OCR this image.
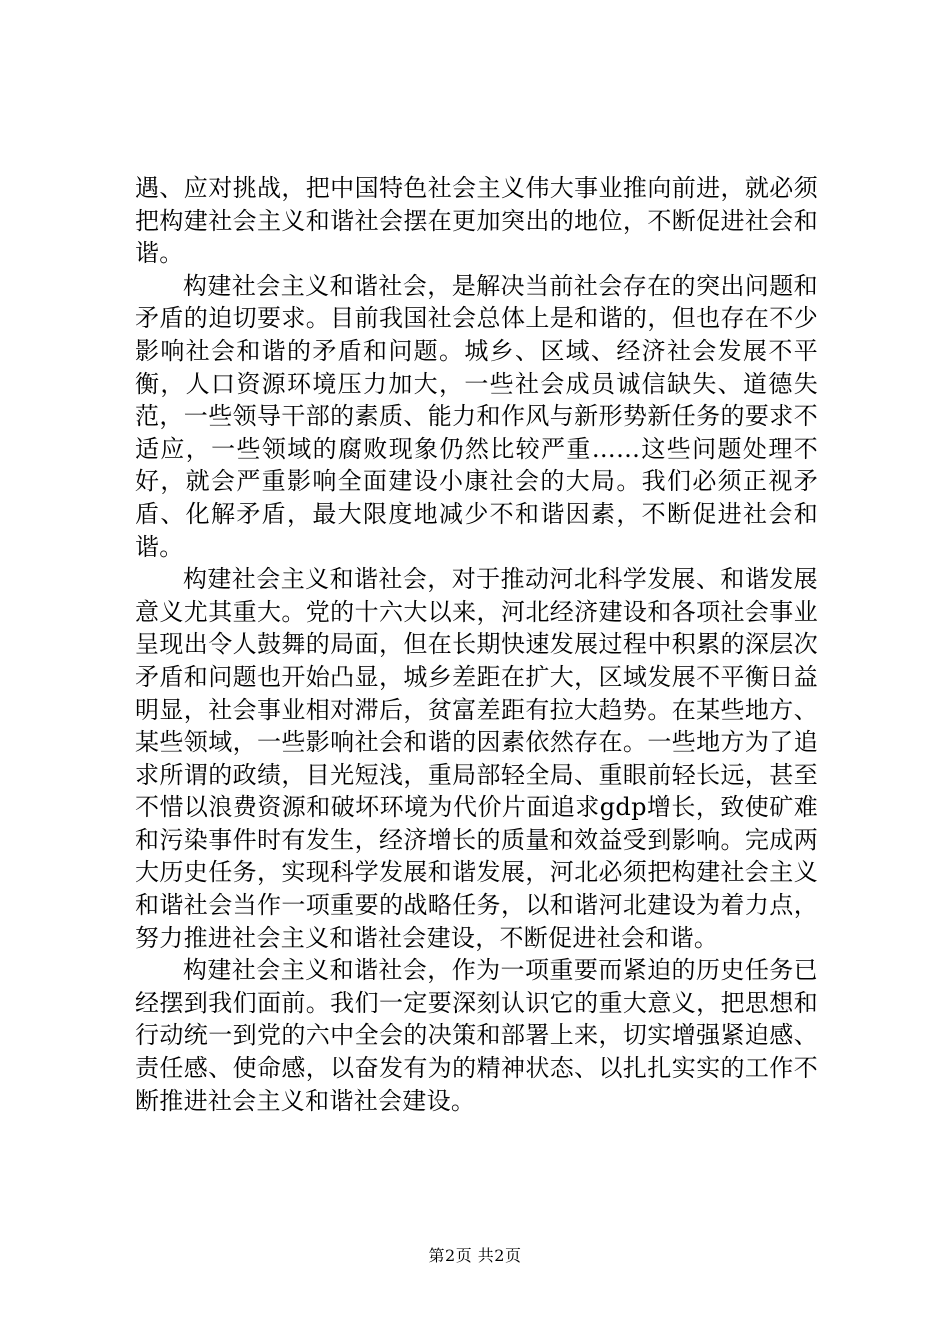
遇、应对挑战，把中国特色社会主义伟大事业推向前进，就必须把构建社会主义和谐社会摆在更加突出的地位，不断促进社会和谐。

构建社会主义和谐社会，是解决当前社会存在的突出问题和矛盾的迫切要求。目前我国社会总体上是和谐的，但也存在不少影响社会和谐的矛盾和问题。城乡、区域、经济社会发展不平衡，人口资源环境压力加大，一些社会成员诚信缺失、道德失范，一些领导干部的素质、能力和作风与新形势新任务的要求不适应，一些领域的腐败现象仍然比较严重……这些问题处理不好，就会严重影响全面建设小康社会的大局。我们必须正视矛盾、化解矛盾，最大限度地减少不和谐因素，不断促进社会和谐。

构建社会主义和谐社会，对于推动河北科学发展、和谐发展意义尤其重大。党的十六大以来，河北经济建设和各项社会事业呈现出令人鼓舞的局面，但在长期快速发展过程中积累的深层次矛盾和问题也开始凸显，城乡差距在扩大，区域发展不平衡日益明显，社会事业相对滞后，贫富差距有拉大趋势。在某些地方、某些领域，一些影响社会和谐的因素依然存在。一些地方为了追求所谓的政绩，目光短浅，重局部轻全局、重眼前轻长远，甚至不惜以浪费资源和破坏环境为代价片面追求gdp增长，致使矿难和污染事件时有发生，经济增长的质量和效益受到影响。完成两大历史任务，实现科学发展和谐发展，河北必须把构建社会主义和谐社会当作一项重要的战略任务，以和谐河北建设为着力点，努力推进社会主义和谐社会建设，不断促进社会和谐。

构建社会主义和谐社会，作为一项重要而紧迫的历史任务已经摆到我们面前。我们一定要深刻认识它的重大意义，把思想和行动统一到党的六中全会的决策和部署上来，切实增强紧迫感、责任感、使命感，以奋发有为的精神状态、以扎扎实实的工作不断推进社会主义和谐社会建设。

第2页 共2页
